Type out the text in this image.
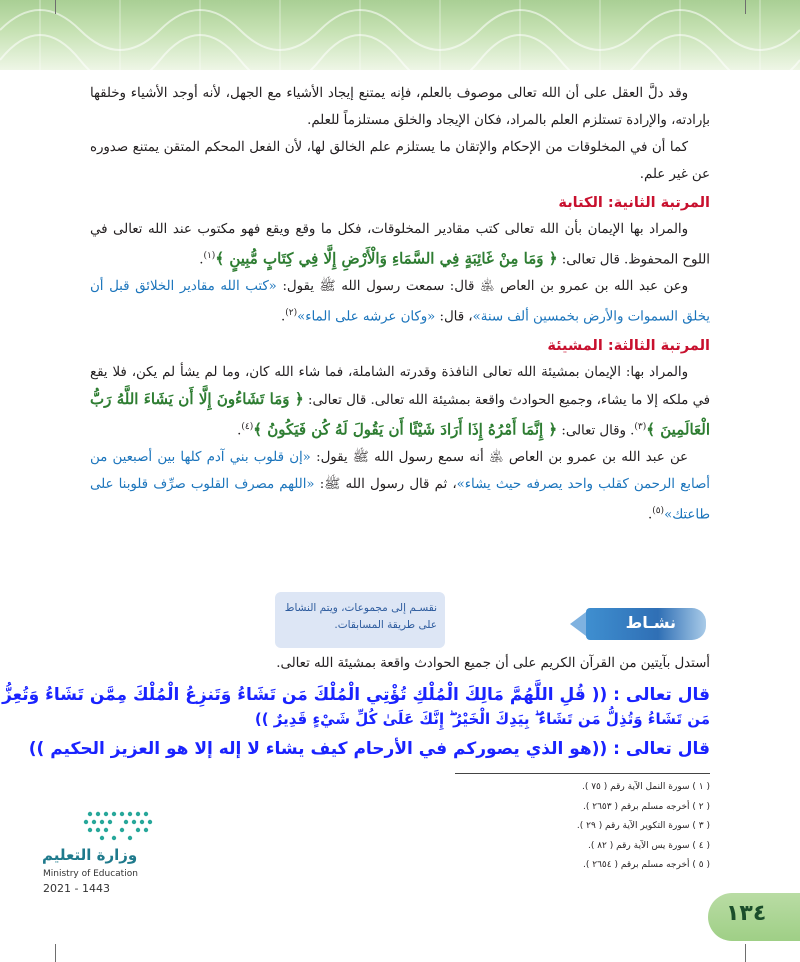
وقد دلَّ العقل على أن الله تعالى موصوف بالعلم، فإنه يمتنع إيجاد الأشياء مع الجهل، لأنه أوجد الأشياء وخلقها بإرادته، والإرادة تستلزم العلم بالمراد، فكان الإيجاد والخلق مستلزماً للعلم.

كما أن في المخلوقات من الإحكام والإتقان ما يستلزم علم الخالق لها، لأن الفعل المحكم المتقن يمتنع صدوره عن غير علم.

المرتبة الثانية: الكتابة

والمراد بها الإيمان بأن الله تعالى كتب مقادير المخلوقات، فكل ما وقع ويقع فهو مكتوب عند الله تعالى في اللوح المحفوظ. قال تعالى: ﴿ وَمَا مِنْ غَائِبَةٍ فِي السَّمَاءِ وَالْأَرْضِ إِلَّا فِي كِتَابٍ مُّبِينٍ ﴾$^{(١)}$.

وعن عبد الله بن عمرو بن العاص ﵁ قال: سمعت رسول الله ﷺ يقول: «كتب الله مقادير الخلائق قبل أن يخلق السموات والأرض بخمسين ألف سنة»، قال: «وكان عرشه على الماء»$^{(٢)}$.

المرتبة الثالثة: المشيئة

والمراد بها: الإيمان بمشيئة الله تعالى النافذة وقدرته الشاملة، فما شاء الله كان، وما لم يشأ لم يكن، فلا يقع في ملكه إلا ما يشاء، وجميع الحوادث واقعة بمشيئة الله تعالى. قال تعالى: ﴿ وَمَا تَشَاءُونَ إِلَّا أَن يَشَاءَ اللَّهُ رَبُّ الْعَالَمِينَ ﴾$^{(٣)}$. وقال تعالى: ﴿ إِنَّمَا أَمْرُهُ إِذَا أَرَادَ شَيْئًا أَن يَقُولَ لَهُ كُن فَيَكُونُ ﴾$^{(٤)}$.

عن عبد الله بن عمرو بن العاص ﵁ أنه سمع رسول الله ﷺ يقول: «إن قلوب بني آدم كلها بين أصبعين من أصابع الرحمن كقلب واحد يصرفه حيث يشاء»، ثم قال رسول الله ﷺ: «اللهم مصرف القلوب صرِّف قلوبنا على طاعتك»$^{(٥)}$.

نقسـم إلى مجموعات، ويتم النشاط على طريقة المسابقات.	نشـاط
أستدل بآيتين من القرآن الكريم على أن جميع الحوادث واقعة بمشيئة الله تعالى.
قال تعالى : (( قُلِ اللَّهُمَّ مَالِكَ الْمُلْكِ تُؤْتِي الْمُلْكَ مَن تَشَاءُ وَتَنزِعُ الْمُلْكَ مِمَّن تَشَاءُ وَتُعِزُّ
مَن تَشَاءُ وَتُذِلُّ مَن تَشَاءُ ۖ بِيَدِكَ الْخَيْرُ ۖ إِنَّكَ عَلَىٰ كُلِّ شَيْءٍ قَدِيرٌ ))
قال تعالى : ((هو الذي يصوركم في الأرحام كيف يشاء لا إله إلا هو العزيز الحكيم ))
( ١ ) سورة النمل الآية رقم ( ٧٥ ).
( ٢ ) أخرجه مسلم برقم ( ٢٦٥٣ ).
( ٣ ) سورة التكوير الآية رقم ( ٢٩ ).
( ٤ ) سورة يس الآية رقم ( ٨٢ ).
( ٥ ) أخرجه مسلم برقم ( ٢٦٥٤ ).
وزارة التعليم
Ministry of Education
2021 - 1443
١٣٤
